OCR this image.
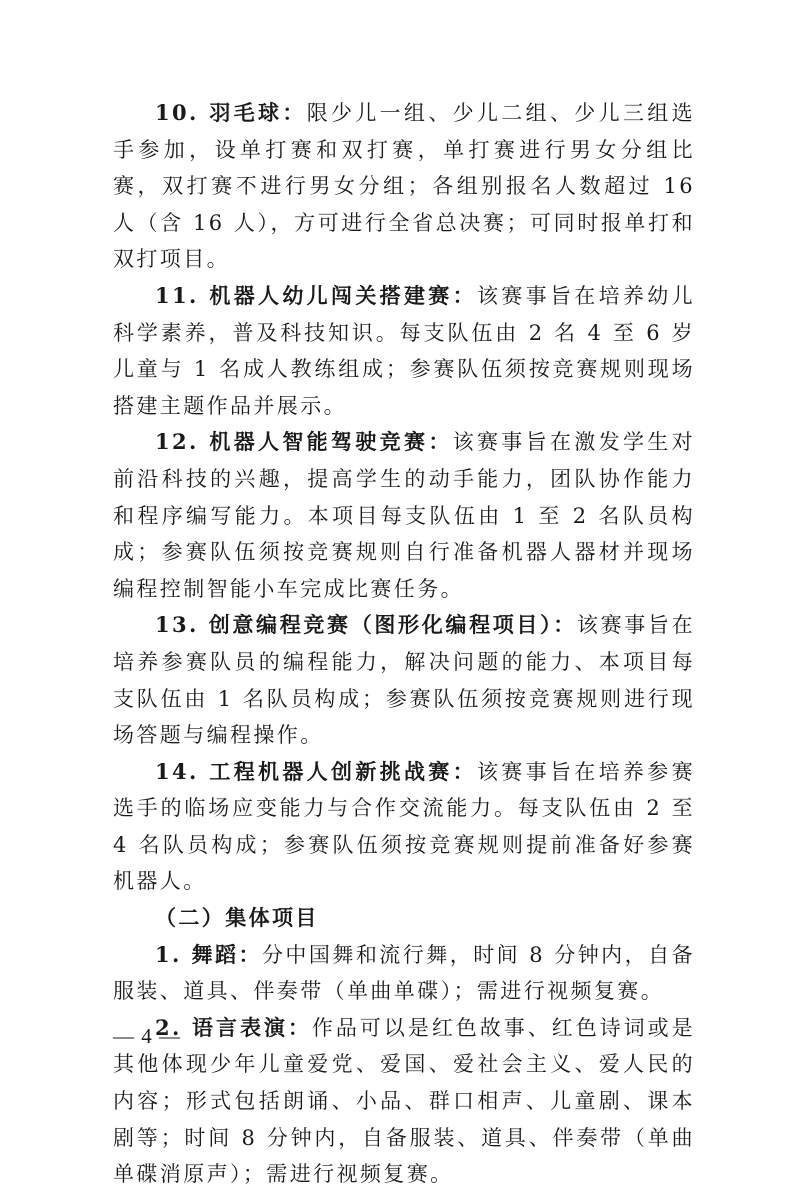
10. 羽毛球：限少儿一组、少儿二组、少儿三组选手参加，设单打赛和双打赛，单打赛进行男女分组比赛，双打赛不进行男女分组；各组别报名人数超过 16 人（含 16 人），方可进行全省总决赛；可同时报单打和双打项目。

11. 机器人幼儿闯关搭建赛：该赛事旨在培养幼儿科学素养，普及科技知识。每支队伍由 2 名 4 至 6 岁儿童与 1 名成人教练组成；参赛队伍须按竞赛规则现场搭建主题作品并展示。

12. 机器人智能驾驶竞赛：该赛事旨在激发学生对前沿科技的兴趣，提高学生的动手能力，团队协作能力和程序编写能力。本项目每支队伍由 1 至 2 名队员构成；参赛队伍须按竞赛规则自行准备机器人器材并现场编程控制智能小车完成比赛任务。

13. 创意编程竞赛（图形化编程项目）：该赛事旨在培养参赛队员的编程能力，解决问题的能力、本项目每支队伍由 1 名队员构成；参赛队伍须按竞赛规则进行现场答题与编程操作。

14. 工程机器人创新挑战赛：该赛事旨在培养参赛选手的临场应变能力与合作交流能力。每支队伍由 2 至 4 名队员构成；参赛队伍须按竞赛规则提前准备好参赛机器人。

（二）集体项目

1. 舞蹈：分中国舞和流行舞，时间 8 分钟内，自备服装、道具、伴奏带（单曲单碟）；需进行视频复赛。

2. 语言表演：作品可以是红色故事、红色诗词或是其他体现少年儿童爱党、爱国、爱社会主义、爱人民的内容；形式包括朗诵、小品、群口相声、儿童剧、课本剧等；时间 8 分钟内，自备服装、道具、伴奏带（单曲单碟消原声）；需进行视频复赛。

— 4 —
